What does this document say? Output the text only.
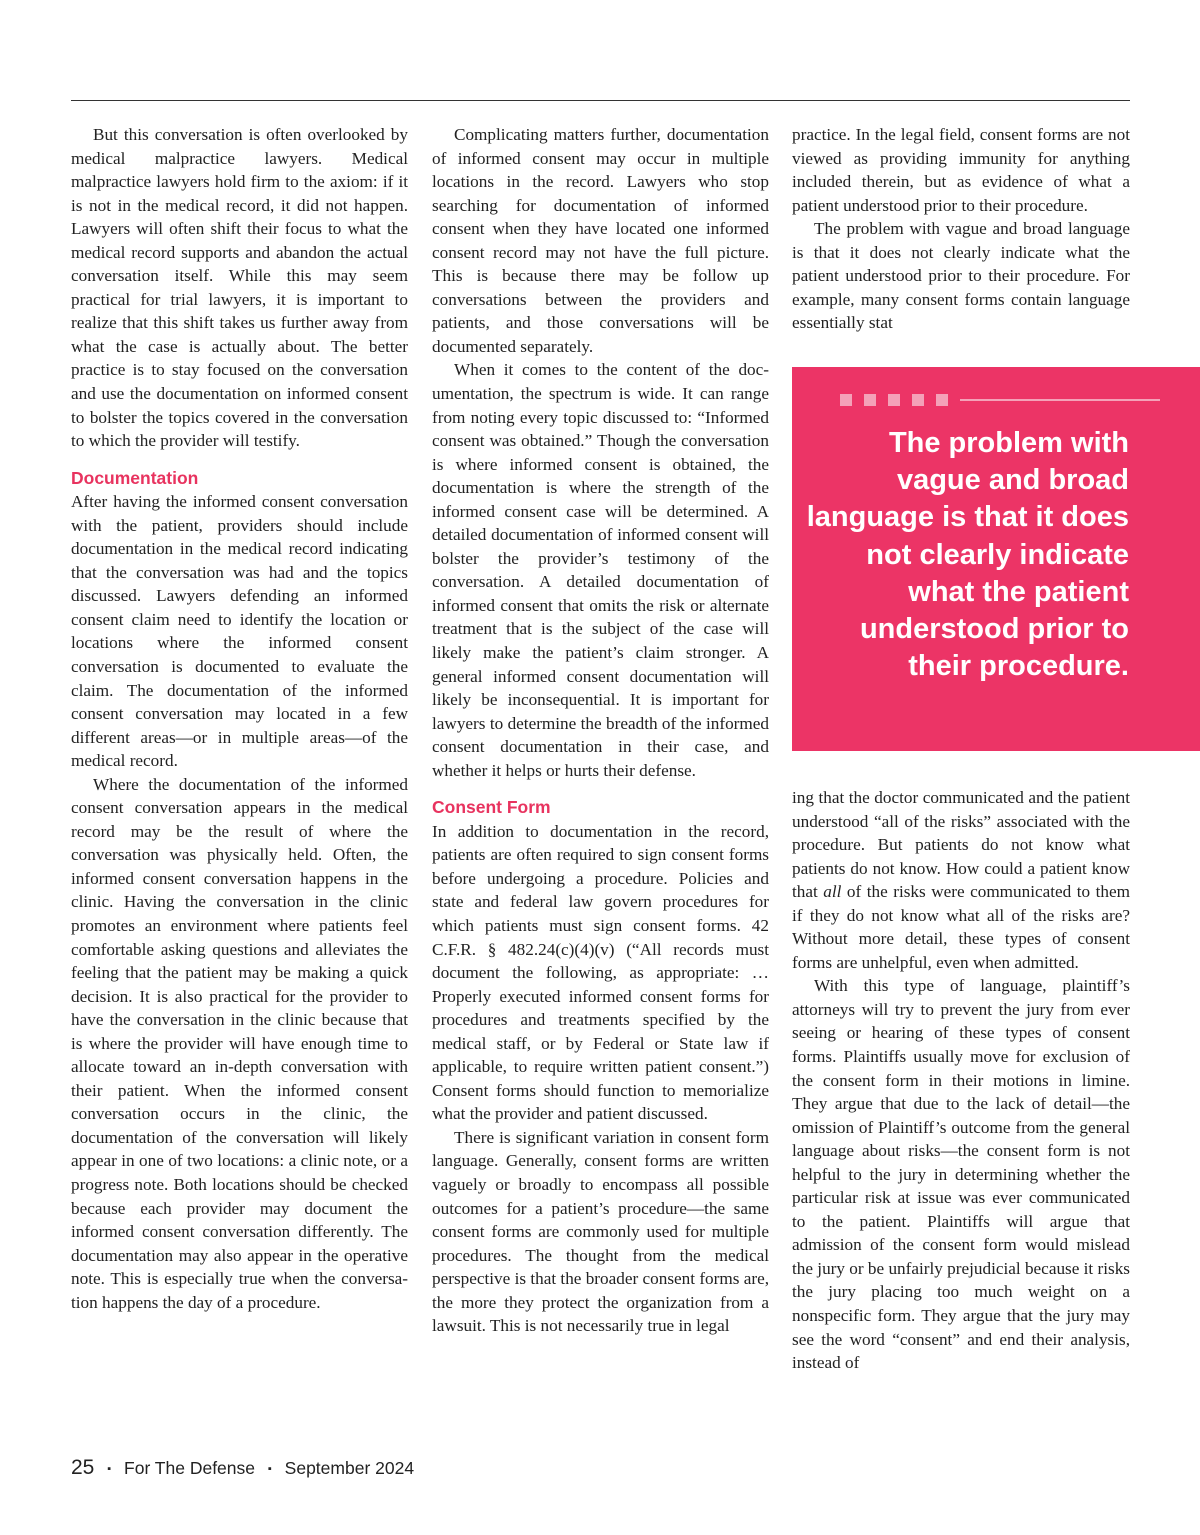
But this conversation is often overlooked by medical malpractice lawyers. Medical malpractice lawyers hold firm to the axiom: if it is not in the medical record, it did not happen. Lawyers will often shift their focus to what the medical record supports and abandon the actual conversation itself. While this may seem practical for trial lawyers, it is important to realize that this shift takes us further away from what the case is actually about. The better practice is to stay focused on the conversation and use the documentation on informed consent to bolster the topics covered in the conversation to which the provider will testify.

Documentation

After having the informed consent conversation with the patient, providers should include documentation in the medical record indicating that the conversation was had and the topics discussed. Lawyers defending an informed consent claim need to identify the location or locations where the informed consent conversation is documented to evaluate the claim. The documentation of the informed consent conversation may located in a few different areas—or in multiple areas—of the medical record.

Where the documentation of the informed consent conversation appears in the medical record may be the result of where the conversation was physically held. Often, the informed consent conversation happens in the clinic. Having the conversation in the clinic promotes an environment where patients feel comfortable asking questions and alleviates the feeling that the patient may be making a quick decision. It is also practical for the provider to have the conversation in the clinic because that is where the provider will have enough time to allocate toward an in-depth conversation with their patient. When the informed consent conversation occurs in the clinic, the documentation of the conversation will likely appear in one of two locations: a clinic note, or a progress note. Both locations should be checked because each provider may document the informed consent conversation differently. The documentation may also appear in the operative note. This is especially true when the conversation happens the day of a procedure.

Complicating matters further, documentation of informed consent may occur in multiple locations in the record. Lawyers who stop searching for documentation of informed consent when they have located one informed consent record may not have the full picture. This is because there may be follow up conversations between the providers and patients, and those conversations will be documented separately.

When it comes to the content of the documentation, the spectrum is wide. It can range from noting every topic discussed to: “Informed consent was obtained.” Though the conversation is where informed consent is obtained, the documentation is where the strength of the informed consent case will be determined. A detailed documentation of informed consent will bolster the provider’s testimony of the conversation. A detailed documentation of informed consent that omits the risk or alternate treatment that is the subject of the case will likely make the patient’s claim stronger. A general informed consent documentation will likely be inconsequential. It is important for lawyers to determine the breadth of the informed consent documentation in their case, and whether it helps or hurts their defense.

Consent Form

In addition to documentation in the record, patients are often required to sign consent forms before undergoing a procedure. Policies and state and federal law govern procedures for which patients must sign consent forms. 42 C.F.R. § 482.24(c)(4)(v) (“All records must document the following, as appropriate: … Properly executed informed consent forms for procedures and treatments specified by the medical staff, or by Federal or State law if applicable, to require written patient consent.”) Consent forms should function to memorialize what the provider and patient discussed.

There is significant variation in consent form language. Generally, consent forms are written vaguely or broadly to encompass all possible outcomes for a patient’s procedure—the same consent forms are commonly used for multiple procedures. The thought from the medical perspective is that the broader consent forms are, the more they protect the organization from a lawsuit. This is not necessarily true in legal

practice. In the legal field, consent forms are not viewed as providing immunity for anything included therein, but as evidence of what a patient understood prior to their procedure.

The problem with vague and broad language is that it does not clearly indicate what the patient understood prior to their procedure. For example, many consent forms contain language essentially stat

The problem with vague and broad language is that it does not clearly indicate what the patient understood prior to their procedure.

ing that the doctor communicated and the patient understood “all of the risks” associated with the procedure. But patients do not know what patients do not know. How could a patient know that all of the risks were communicated to them if they do not know what all of the risks are? Without more detail, these types of consent forms are unhelpful, even when admitted.

With this type of language, plaintiff’s attorneys will try to prevent the jury from ever seeing or hearing of these types of consent forms. Plaintiffs usually move for exclusion of the consent form in their motions in limine. They argue that due to the lack of detail—the omission of Plaintiff’s outcome from the general language about risks—the consent form is not helpful to the jury in determining whether the particular risk at issue was ever communicated to the patient. Plaintiffs will argue that admission of the consent form would mislead the jury or be unfairly prejudicial because it risks the jury placing too much weight on a nonspecific form. They argue that the jury may see the word “consent” and end their analysis, instead of

25 ▪ For The Defense ▪ September 2024
